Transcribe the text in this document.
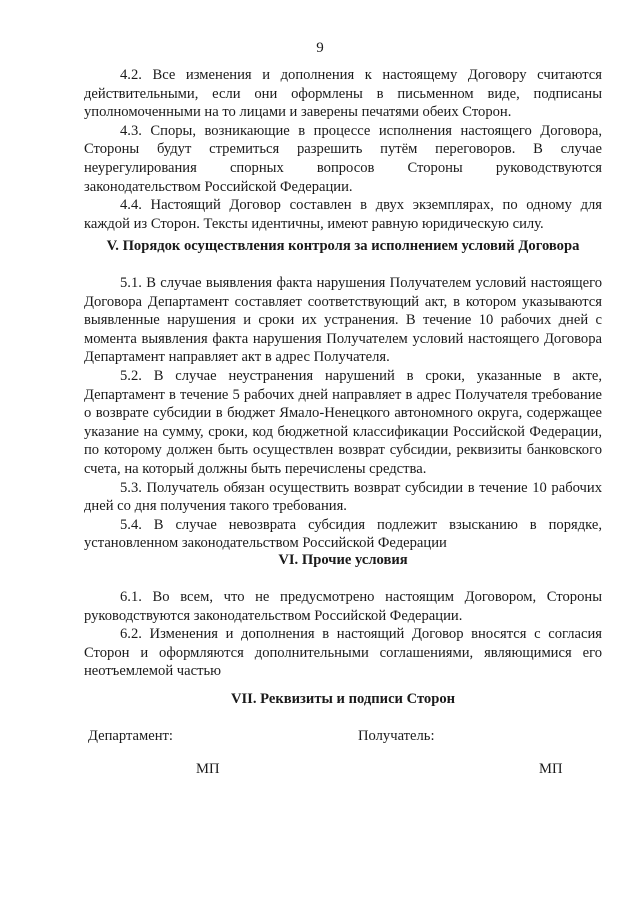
9

4.2. Все изменения и дополнения к настоящему Договору считаются действительными, если они оформлены в письменном виде, подписаны уполномоченными на то лицами и заверены печатями обеих Сторон.

4.3. Споры, возникающие в процессе исполнения настоящего Договора, Стороны будут стремиться разрешить путём переговоров. В случае неурегулирования спорных вопросов Стороны руководствуются законодательством Российской Федерации.

4.4. Настоящий Договор составлен в двух экземплярах, по одному для каждой из Сторон. Тексты идентичны, имеют равную юридическую силу.

V. Порядок осуществления контроля за исполнением условий Договора

5.1. В случае выявления факта нарушения Получателем условий настоящего Договора Департамент составляет соответствующий акт, в котором указываются выявленные нарушения и сроки их устранения. В течение 10 рабочих дней с момента выявления факта нарушения Получателем условий настоящего Договора Департамент направляет акт в адрес Получателя.

5.2. В случае неустранения нарушений в сроки, указанные в акте, Департамент в течение 5 рабочих дней направляет в адрес Получателя требование о возврате субсидии в бюджет Ямало-Ненецкого автономного округа, содержащее указание на сумму, сроки, код бюджетной классификации Российской Федерации, по которому должен быть осуществлен возврат субсидии, реквизиты банковского счета, на который должны быть перечислены средства.

5.3. Получатель обязан осуществить возврат субсидии в течение 10 рабочих дней со дня получения такого требования.

5.4. В случае невозврата субсидия подлежит взысканию в порядке, установленном законодательством Российской Федерации

VI. Прочие условия

6.1. Во всем, что не предусмотрено настоящим Договором, Стороны руководствуются законодательством Российской Федерации.

6.2. Изменения и дополнения в настоящий Договор вносятся с согласия Сторон и оформляются дополнительными соглашениями, являющимися его неотъемлемой частью

VII. Реквизиты и подписи Сторон
Департамент:	Получатель:
МП	МП
